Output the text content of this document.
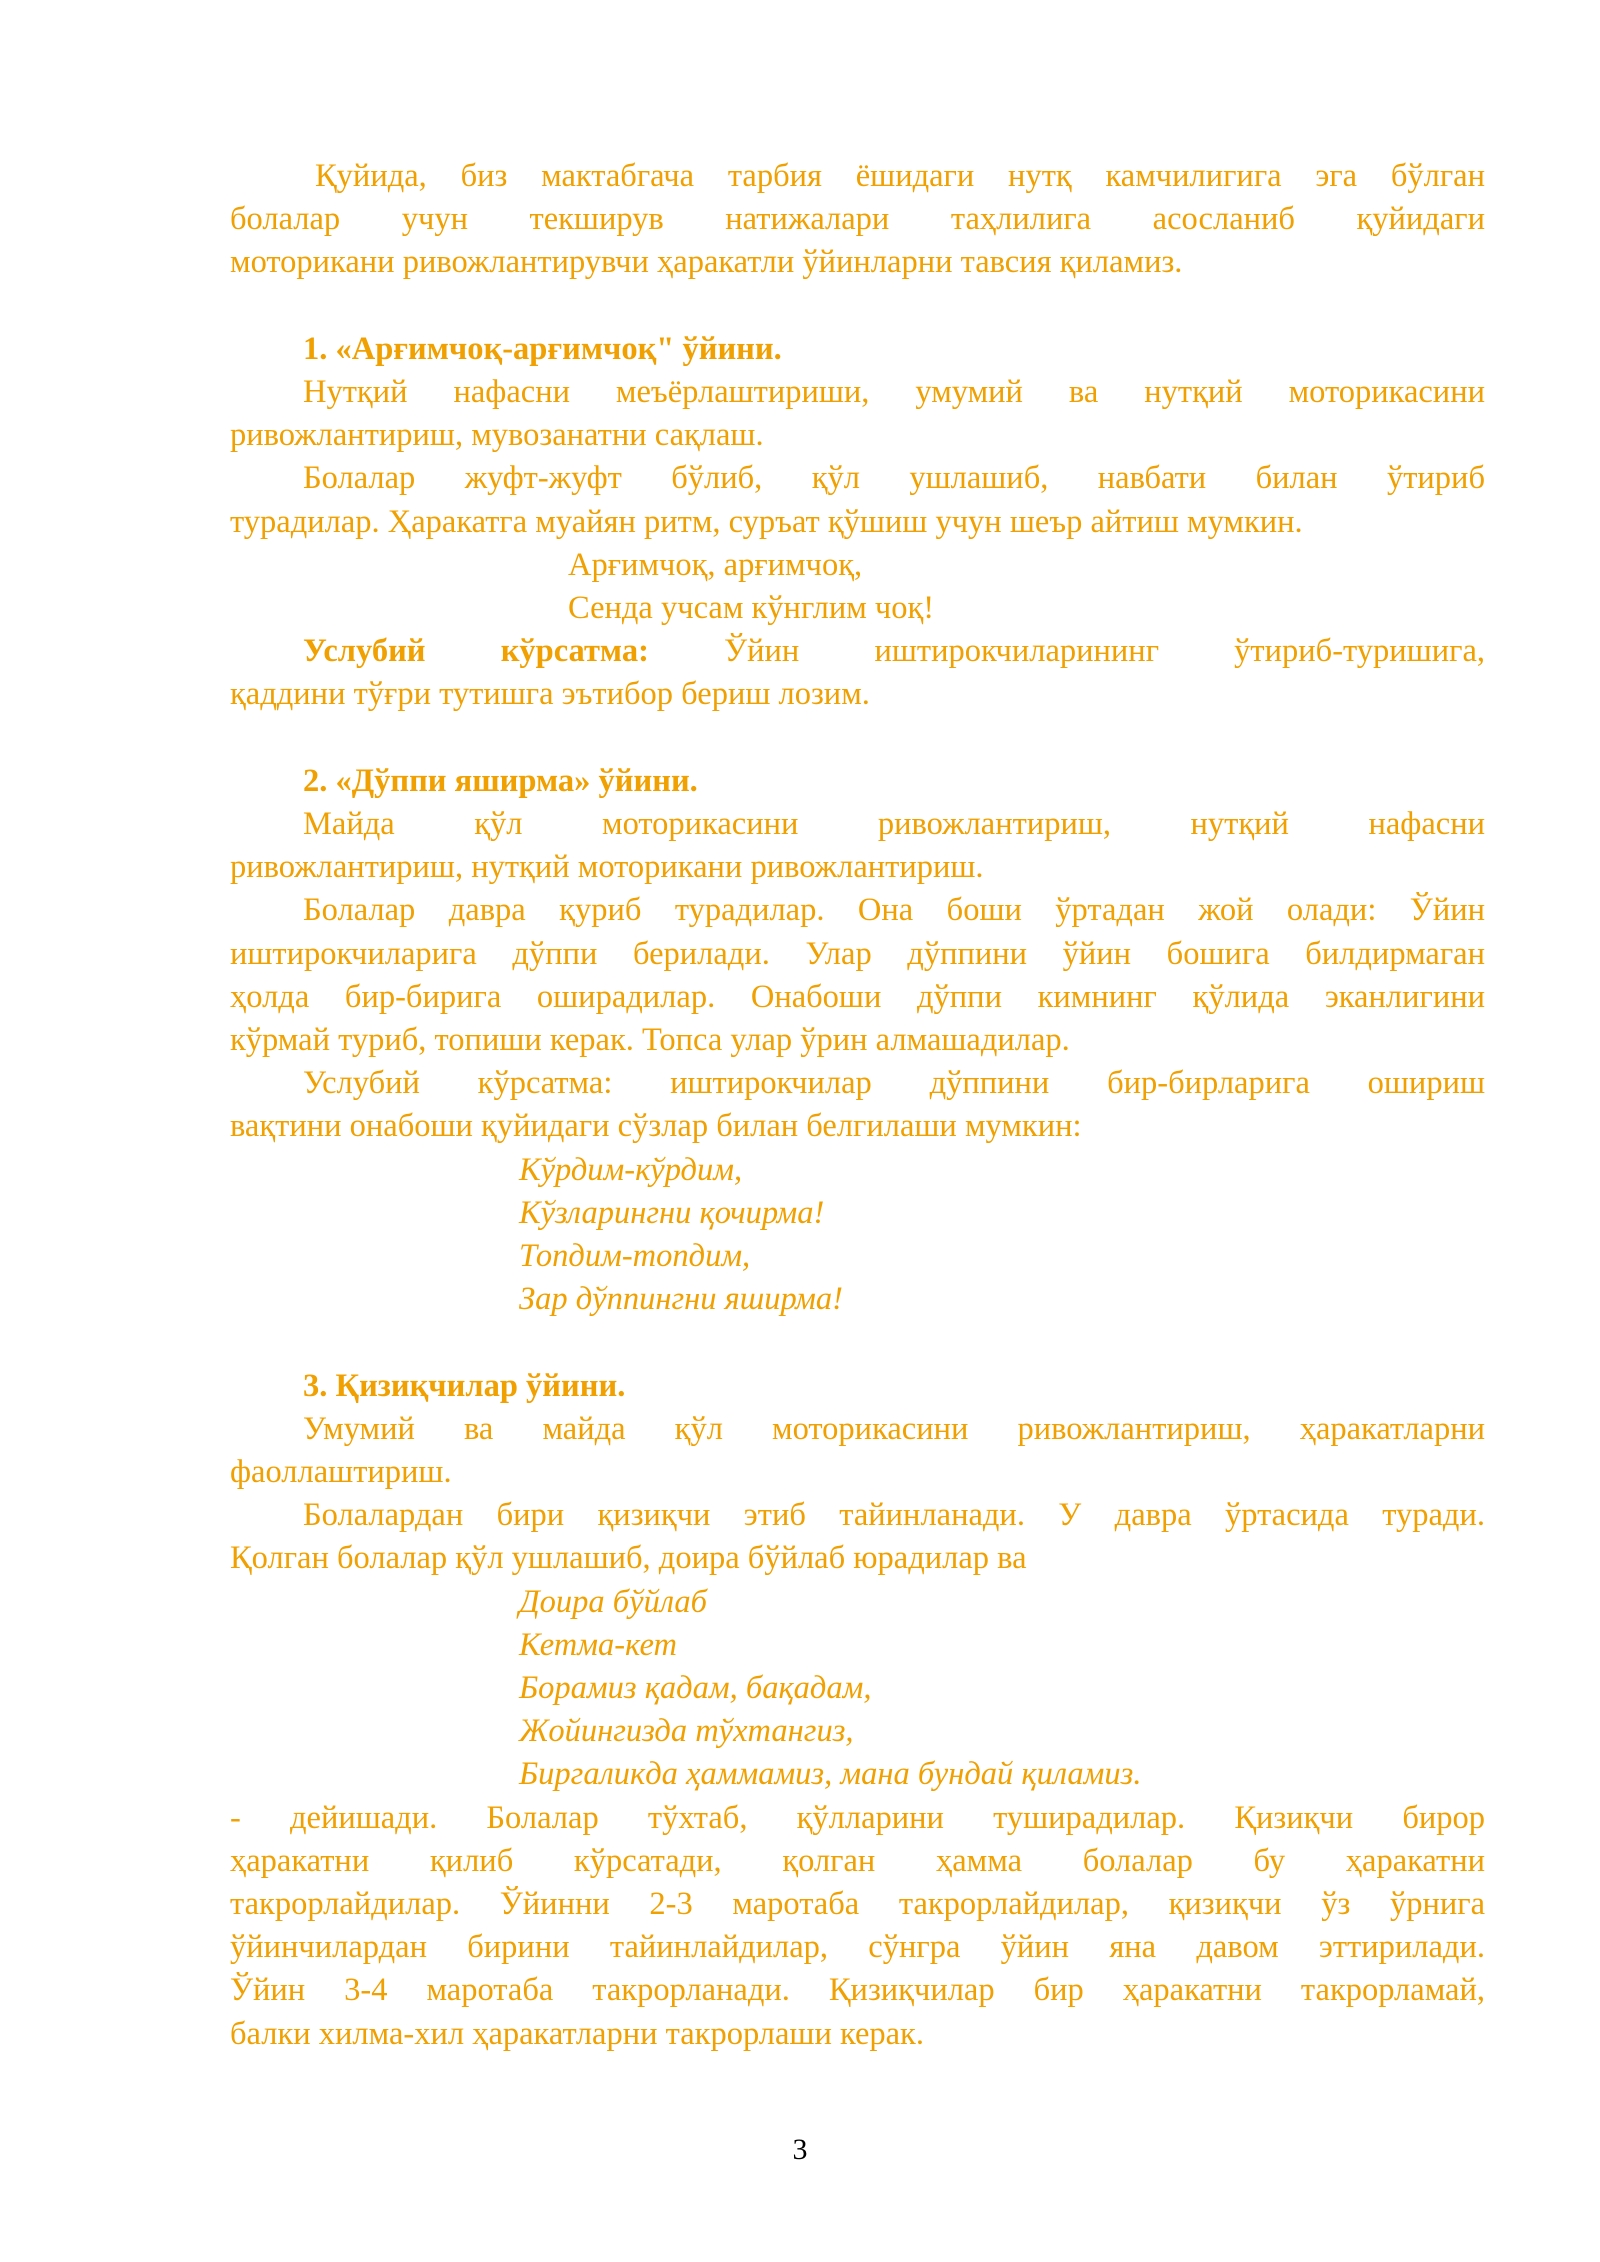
Қуйида, биз мактабгача тарбия ёшидаги нутқ камчилигига эга бўлган

болалар учун текширув натижалари таҳлилига асосланиб қуйидаги

моторикани ривожлантирувчи ҳаракатли ўйинларни тавсия қиламиз.

1. «Арғимчоқ-арғимчоқ" ўйини.

Нутқий нафасни меъёрлаштириши, умумий ва нутқий моторикасини

ривожлантириш, мувозанатни сақлаш.

Болалар жуфт-жуфт бўлиб, қўл ушлашиб, навбати билан ўтириб

турадилар. Ҳаракатга муайян ритм, суръат қўшиш учун шеър айтиш мумкин.

Арғимчоқ, арғимчоқ,

Сенда учсам кўнглим чоқ!

Услубий кўрсатма: Ўйин иштирокчиларининг ўтириб-туришига,

қаддини тўғри тутишга эътибор бериш лозим.

2. «Дўппи яширма» ўйини.

Майда қўл моторикасини ривожлантириш, нутқий нафасни

ривожлантириш, нутқий моторикани ривожлантириш.

Болалар давра қуриб турадилар. Она боши ўртадан жой олади: Ўйин

иштирокчиларига дўппи берилади. Улар дўппини ўйин бошига билдирмаган

ҳолда бир-бирига оширадилар. Онабоши дўппи кимнинг қўлида эканлигини

кўрмай туриб, топиши керак. Топса улар ўрин алмашадилар.

Услубий кўрсатма: иштирокчилар дўппини бир-бирларига ошириш

вақтини онабоши қуйидаги сўзлар билан белгилаши мумкин:

Кўрдим-кўрдим,

Кўзларингни қочирма!

Топдим-топдим,

Зар дўппингни яширма!

3. Қизиқчилар ўйини.

Умумий ва майда қўл моторикасини ривожлантириш, ҳаракатларни

фаоллаштириш.

Болалардан бири қизиқчи этиб тайинланади. У давра ўртасида туради.

Қолган болалар қўл ушлашиб, доира бўйлаб юрадилар ва

Доира бўйлаб

Кетма-кет

Борамиз қадам, бақадам,

Жойингизда тўхтангиз,

Биргаликда ҳаммамиз, мана бундай қиламиз.

- дейишади. Болалар тўхтаб, қўлларини туширадилар. Қизиқчи бирор

ҳаракатни қилиб кўрсатади, қолган ҳамма болалар бу ҳаракатни

такрорлайдилар. Ўйинни 2-3 маротаба такрорлайдилар, қизиқчи ўз ўрнига

ўйинчилардан бирини тайинлайдилар, сўнгра ўйин яна давом эттирилади.

Ўйин 3-4 маротаба такрорланади. Қизиқчилар бир ҳаракатни такрорламай,

балки хилма-хил ҳаракатларни такрорлаши керак.

3
